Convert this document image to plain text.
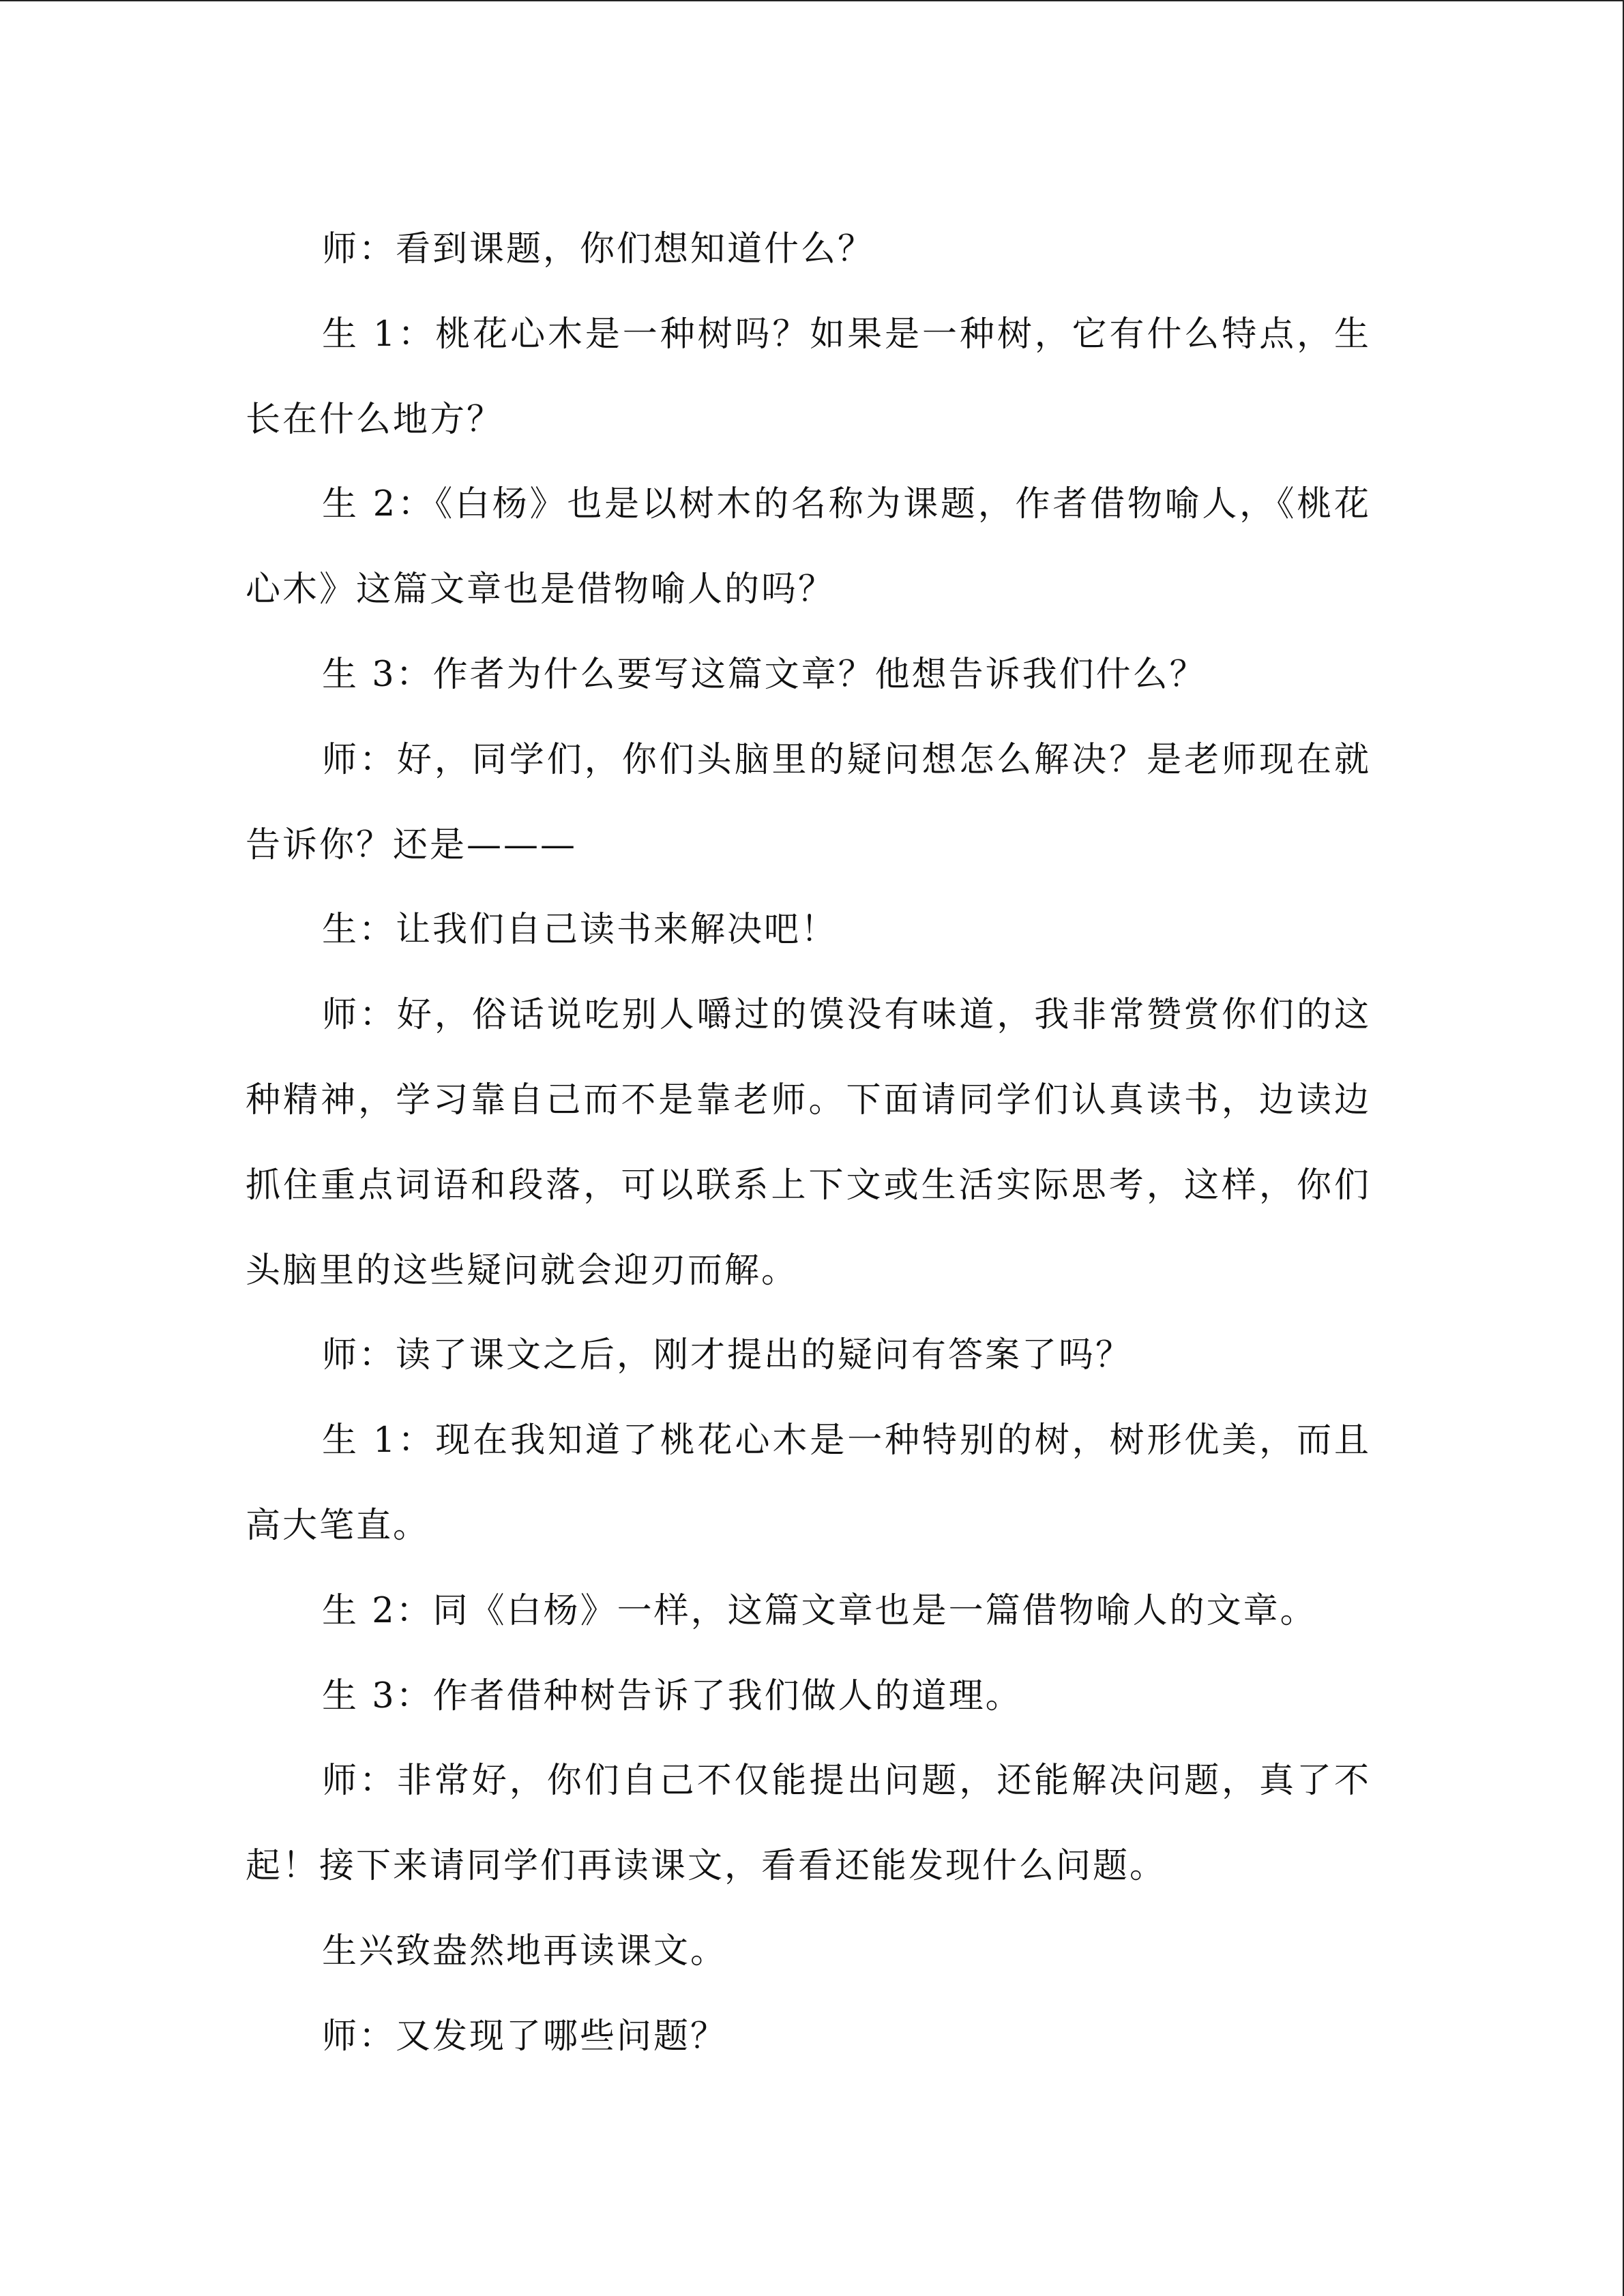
师：看到课题，你们想知道什么？

生 1：桃花心木是一种树吗？如果是一种树，它有什么特点，生长在什么地方？

生 2：《白杨》也是以树木的名称为课题，作者借物喻人，《桃花心木》这篇文章也是借物喻人的吗？

生 3：作者为什么要写这篇文章？他想告诉我们什么？

师：好，同学们，你们头脑里的疑问想怎么解决？是老师现在就告诉你？还是———

生：让我们自己读书来解决吧！

师：好，俗话说吃别人嚼过的馍没有味道，我非常赞赏你们的这种精神，学习靠自己而不是靠老师。下面请同学们认真读书，边读边抓住重点词语和段落，可以联系上下文或生活实际思考，这样，你们头脑里的这些疑问就会迎刃而解。

师：读了课文之后，刚才提出的疑问有答案了吗？

生 1：现在我知道了桃花心木是一种特别的树，树形优美，而且高大笔直。

生 2：同《白杨》一样，这篇文章也是一篇借物喻人的文章。

生 3：作者借种树告诉了我们做人的道理。

师：非常好，你们自己不仅能提出问题，还能解决问题，真了不起！接下来请同学们再读课文，看看还能发现什么问题。

生兴致盎然地再读课文。

师：又发现了哪些问题？
